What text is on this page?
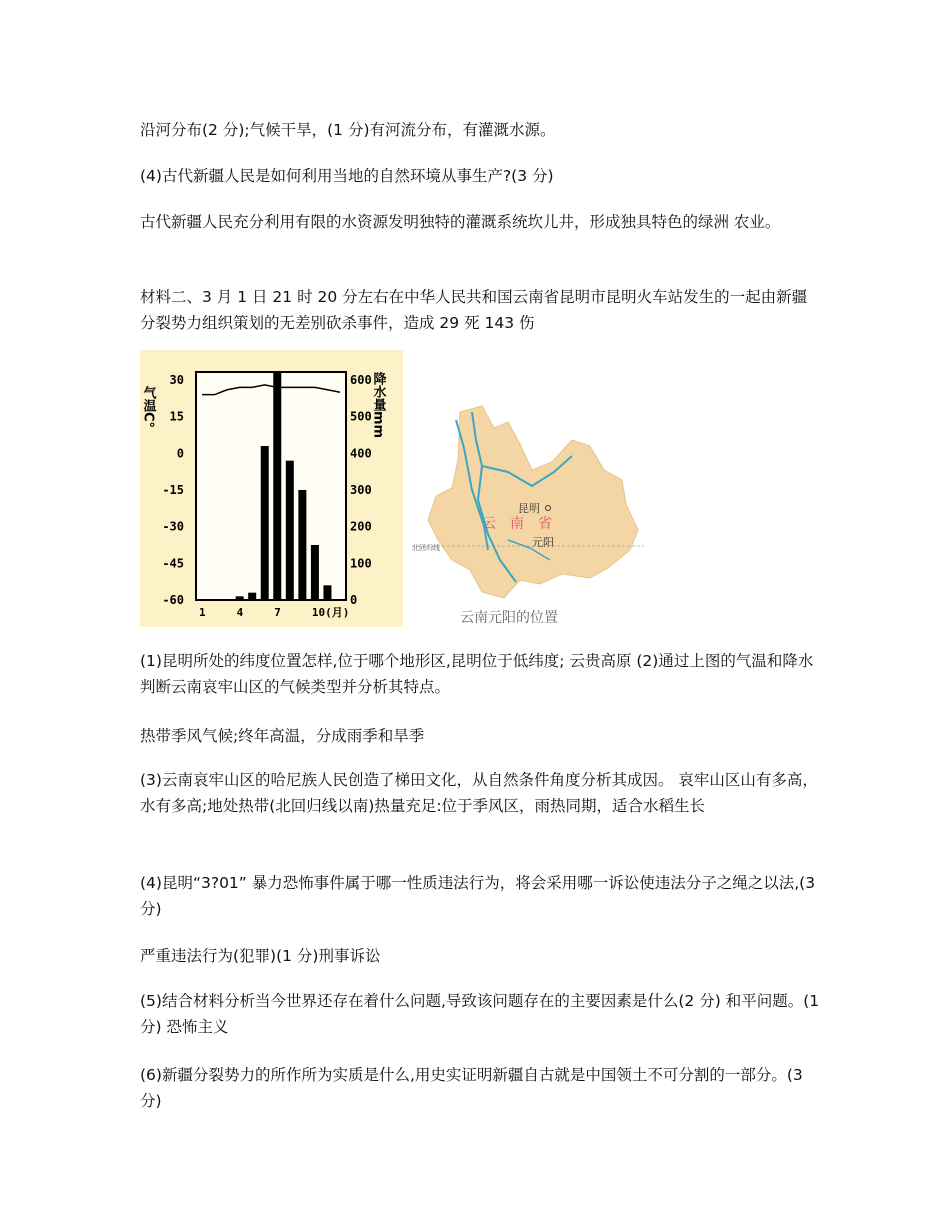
沿河分布(2 分);气候干旱，(1 分)有河流分布，有灌溉水源。

(4)古代新疆人民是如何利用当地的自然环境从事生产?(3 分)

古代新疆人民充分利用有限的水资源发明独特的灌溉系统坎儿井，形成独具特色的绿洲 农业。

材料二、3 月 1 日 21 时 20 分左右在中华人民共和国云南省昆明市昆明火车站发生的一起由新疆分裂势力组织策划的无差别砍杀事件，造成 29 死 143 伤

气温C°	降水量mm
30
15
0
-15
-30
-45
-60
600
500
400
300
200
100
0
1	4	7	10(月)
昆明
云南省
元阳
北回归线
云南元阳的位置

(1)昆明所处的纬度位置怎样,位于哪个地形区,昆明位于低纬度; 云贵高原 (2)通过上图的气温和降水判断云南哀牢山区的气候类型并分析其特点。

热带季风气候;终年高温，分成雨季和旱季

(3)云南哀牢山区的哈尼族人民创造了梯田文化，从自然条件角度分析其成因。 哀牢山区山有多高，水有多高;地处热带(北回归线以南)热量充足:位于季风区，雨热同期，适合水稻生长

(4)昆明“3?01” 暴力恐怖事件属于哪一性质违法行为，将会采用哪一诉讼使违法分子之绳之以法,(3 分)

严重违法行为(犯罪)(1 分)刑事诉讼

(5)结合材料分析当今世界还存在着什么问题,导致该问题存在的主要因素是什么(2 分) 和平问题。(1 分) 恐怖主义

(6)新疆分裂势力的所作所为实质是什么,用史实证明新疆自古就是中国领土不可分割的一部分。(3 分)
